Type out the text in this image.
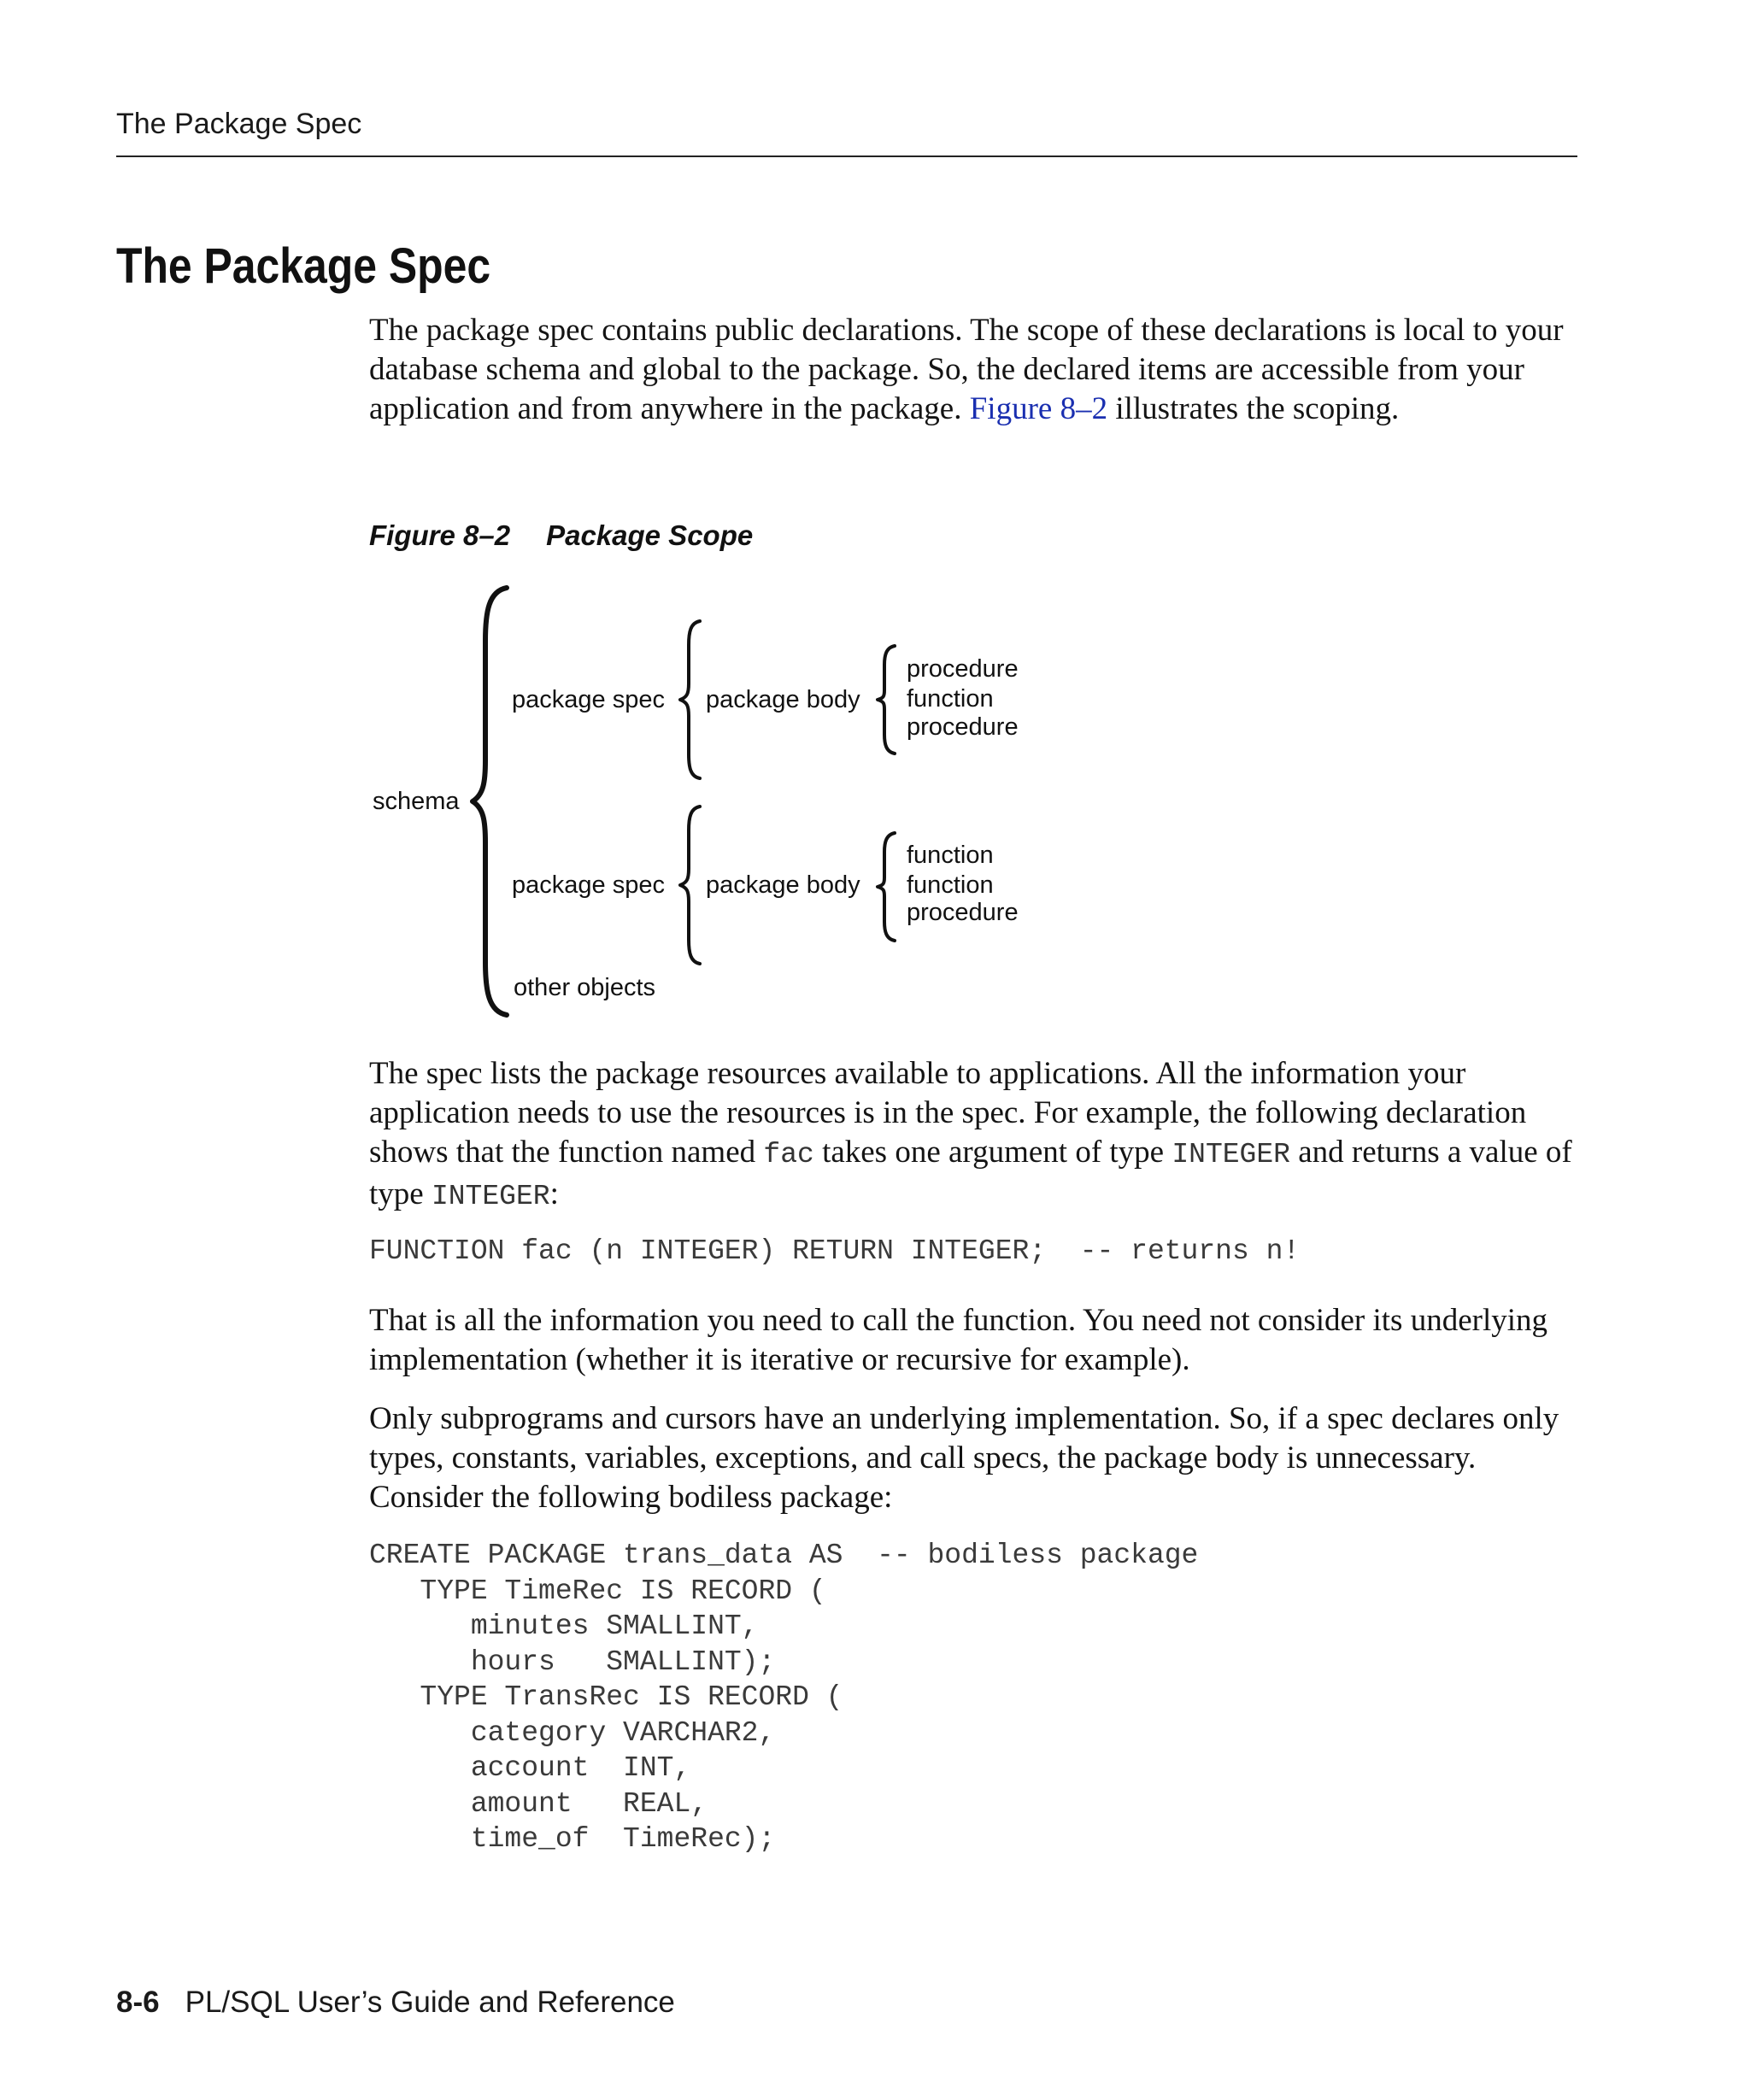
The Package Spec
The Package Spec

The package spec contains public declarations. The scope of these declarations is local to your database schema and global to the package. So, the declared items are accessible from your application and from anywhere in the package. Figure 8–2 illustrates the scoping.

Figure 8–2 Package Scope
schema
package spec package body
procedure
function
procedure
package spec package body
function
function
procedure
other objects

The spec lists the package resources available to applications. All the information your application needs to use the resources is in the spec. For example, the following declaration shows that the function named fac takes one argument of type INTEGER and returns a value of type INTEGER:

FUNCTION fac (n INTEGER) RETURN INTEGER;  -- returns n!

That is all the information you need to call the function. You need not consider its underlying implementation (whether it is iterative or recursive for example).

Only subprograms and cursors have an underlying implementation. So, if a spec declares only types, constants, variables, exceptions, and call specs, the package body is unnecessary. Consider the following bodiless package:

CREATE PACKAGE trans_data AS  -- bodiless package
TYPE TimeRec IS RECORD (
minutes SMALLINT,
hours   SMALLINT);
TYPE TransRec IS RECORD (
category VARCHAR2,
account  INT,
amount   REAL,
time_of  TimeRec);
8-6 PL/SQL User’s Guide and Reference
